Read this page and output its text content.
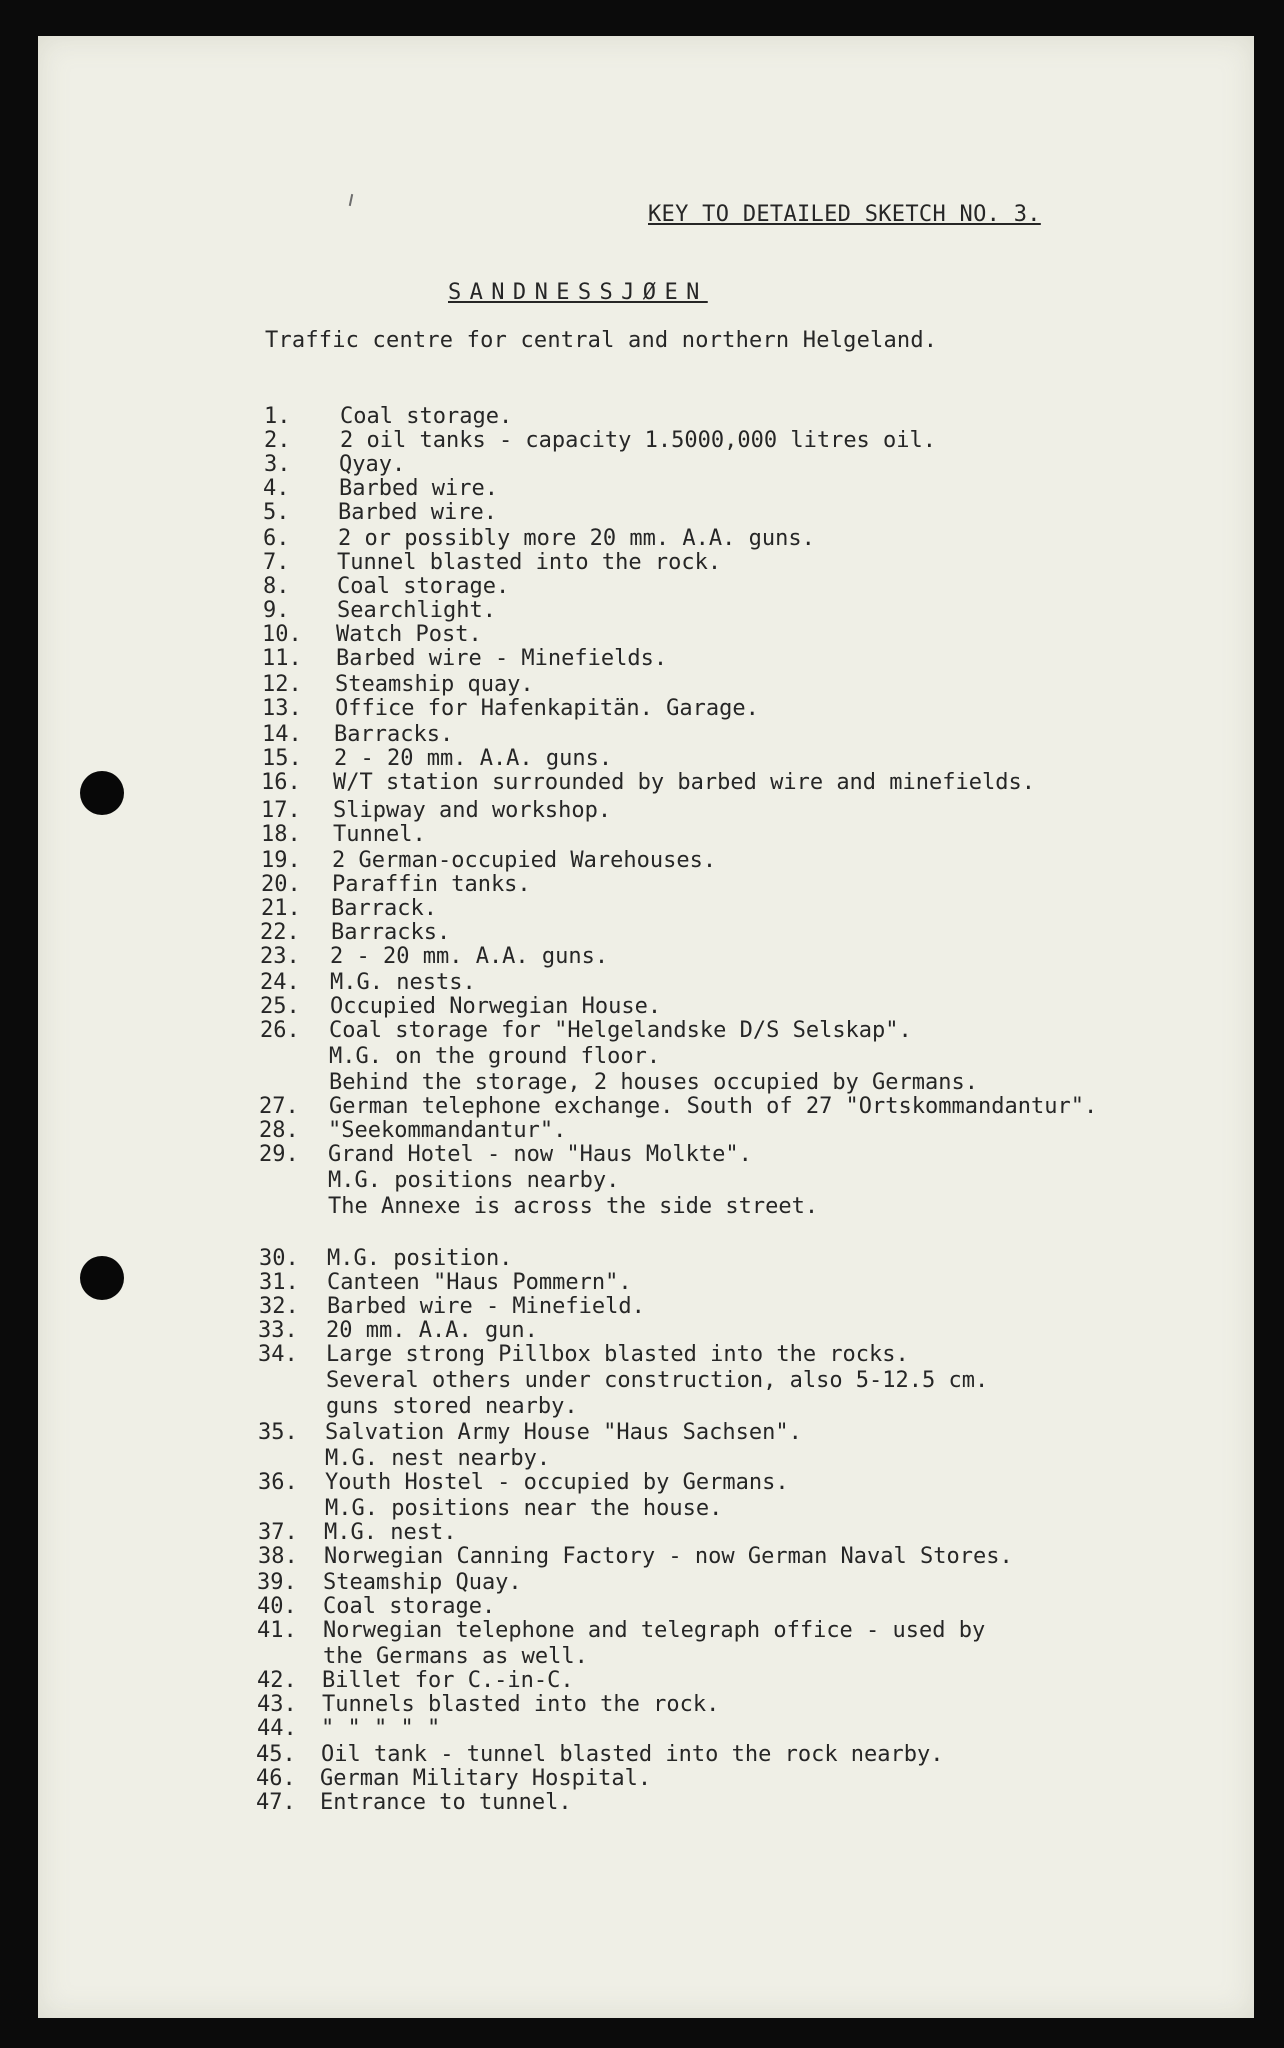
KEY TO DETAILED SKETCH NO. 3.
SANDNESSJØEN
Traffic centre for central and northern Helgeland.
1. Coal storage.
2. 2 oil tanks - capacity 1.5000,000 litres oil.
3. Qyay.
4. Barbed wire.
5. Barbed wire.
6. 2 or possibly more 20 mm. A.A. guns.
7. Tunnel blasted into the rock.
8. Coal storage.
9. Searchlight.
10. Watch Post.
11. Barbed wire - Minefields.
12. Steamship quay.
13. Office for Hafenkapitän. Garage.
14. Barracks.
15. 2 - 20 mm. A.A. guns.
16. W/T station surrounded by barbed wire and minefields.
17. Slipway and workshop.
18. Tunnel.
19. 2 German-occupied Warehouses.
20. Paraffin tanks.
21. Barrack.
22. Barracks.
23. 2 - 20 mm. A.A. guns.
24. M.G. nests.
25. Occupied Norwegian House.
26. Coal storage for "Helgelandske D/S Selskap".
M.G. on the ground floor.
Behind the storage, 2 houses occupied by Germans.
27. German telephone exchange. South of 27 "Ortskommandantur".
28. "Seekommandantur".
29. Grand Hotel - now "Haus Molkte".
M.G. positions nearby.
The Annexe is across the side street.
30. M.G. position.
31. Canteen "Haus Pommern".
32. Barbed wire - Minefield.
33. 20 mm. A.A. gun.
34. Large strong Pillbox blasted into the rocks.
Several others under construction, also 5-12.5 cm.
guns stored nearby.
35. Salvation Army House "Haus Sachsen".
M.G. nest nearby.
36. Youth Hostel - occupied by Germans.
M.G. positions near the house.
37. M.G. nest.
38. Norwegian Canning Factory - now German Naval Stores.
39. Steamship Quay.
40. Coal storage.
41. Norwegian telephone and telegraph office - used by
the Germans as well.
42. Billet for C.-in-C.
43. Tunnels blasted into the rock.
44. " " " " "
45. Oil tank - tunnel blasted into the rock nearby.
46. German Military Hospital.
47. Entrance to tunnel.
